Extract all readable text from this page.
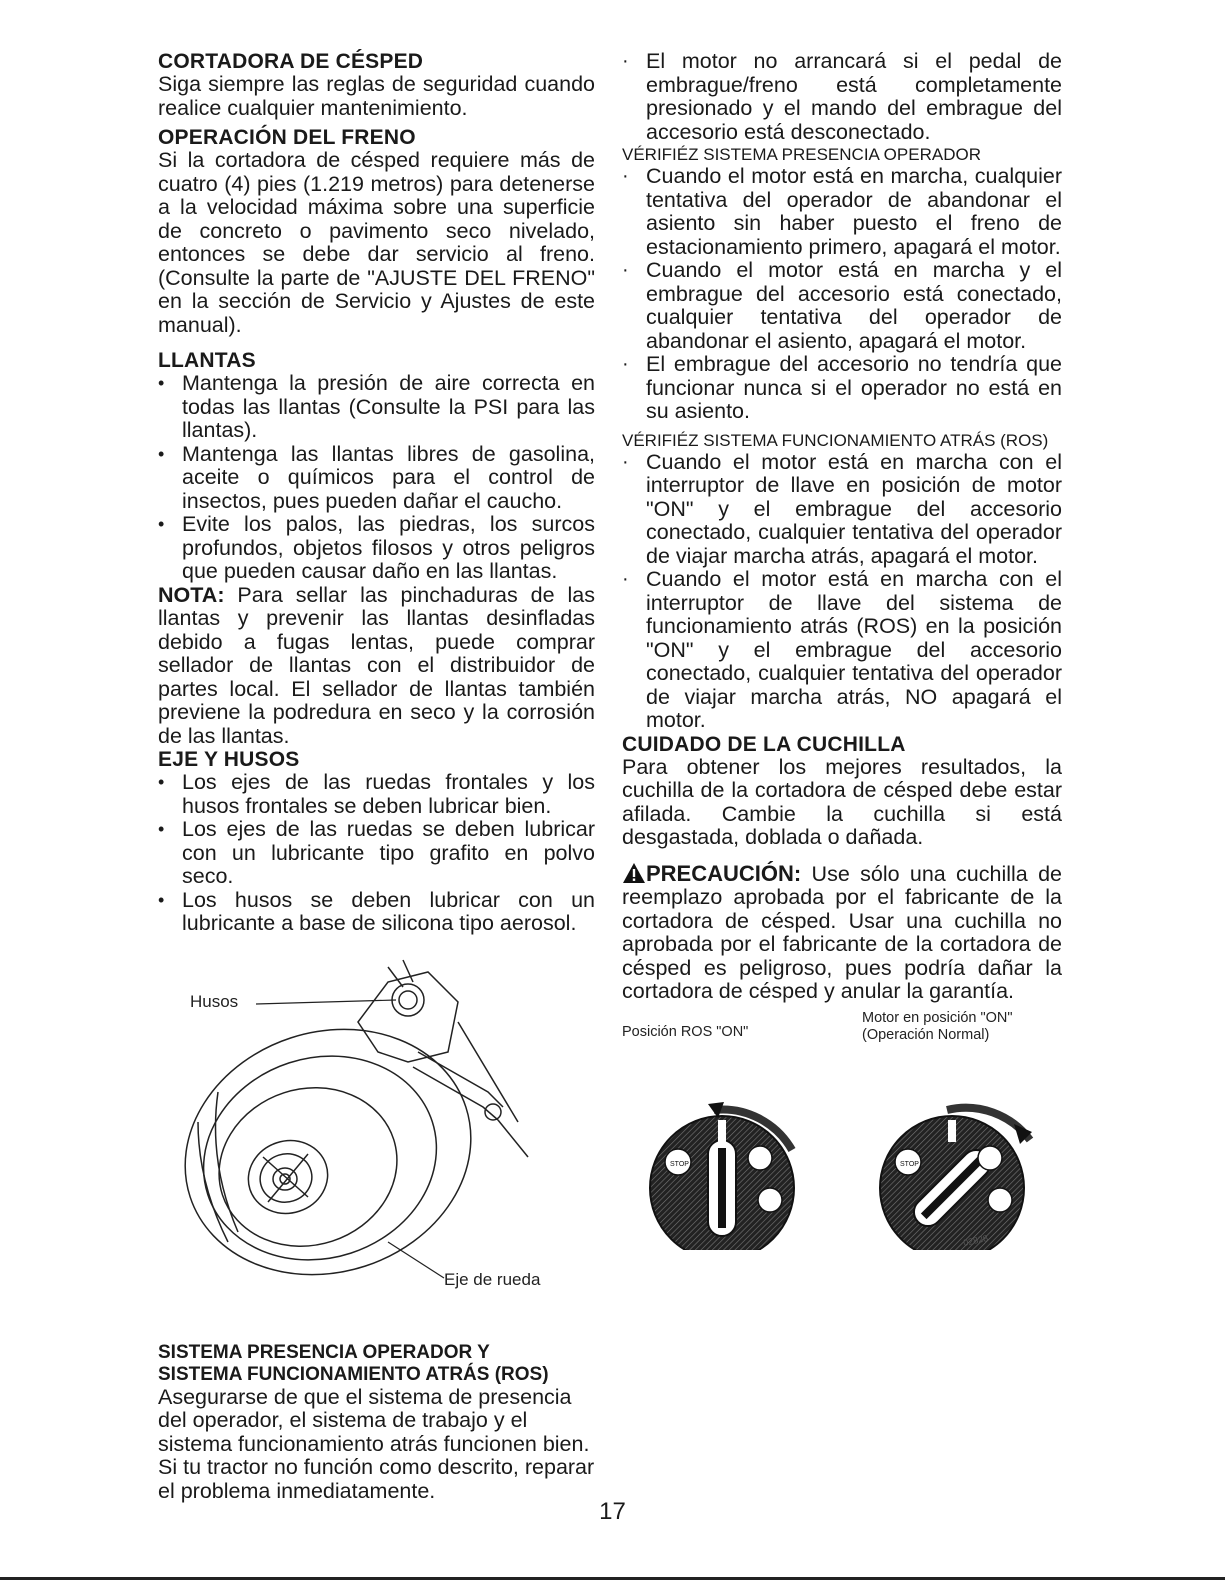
CORTADORA DE CÉSPED

Siga siempre las reglas de seguridad cuando realice cualquier mantenimiento.

OPERACIÓN DEL FRENO

Si la cortadora de césped requiere más de cuatro (4) pies (1.219 metros) para detenerse a la velocidad máxima sobre una superficie de concreto o pavimento seco nivelado, entonces se debe dar servicio al freno. (Consulte la parte de "AJUSTE DEL FRENO" en la sección de Servicio y Ajustes de este manual).

LLANTAS
• Mantenga la presión de aire correcta en todas las llantas (Consulte la PSI para las llantas).
• Mantenga las llantas libres de gasolina, aceite o químicos para el control de insectos, pues pueden dañar el caucho.
• Evite los palos, las piedras, los surcos profundos, objetos filosos y otros peligros que pueden causar daño en las llantas.

NOTA: Para sellar las pinchaduras de las llantas y prevenir las llantas desinfladas debido a fugas lentas, puede comprar sellador de llantas con el distribuidor de partes local. El sellador de llantas también previene la podredura en seco y la corrosión de las llantas.

EJE Y HUSOS
• Los ejes de las ruedas frontales y los husos frontales se deben lubricar bien.
• Los ejes de las ruedas se deben lubricar con un lubricante tipo grafito en polvo seco.
• Los husos se deben lubricar con un lubricante a base de silicona tipo aerosol.
Husos
Eje de rueda

SISTEMA PRESENCIA OPERADOR Y

SISTEMA FUNCIONAMIENTO ATRÁS (ROS)

Asegurarse de que el sistema de presencia del operador, el sistema de trabajo y el sistema funcionamiento atrás funcionen bien. Si tu tractor no función como descrito, reparar el problema inmediatamente.

· El motor no arrancará si el pedal de embrague/freno está completamente presionado y el mando del embrague del accesorio está desconectado.
VÉRIFIÉZ SISTEMA PRESENCIA OPERADOR
· Cuando el motor está en marcha, cualquier tentativa del operador de abandonar el asiento sin haber puesto el freno de estacionamiento primero, apagará el motor.
· Cuando el motor está en marcha y el embrague del accesorio está conectado, cualquier tentativa del operador de abandonar el asiento, apagará el motor.
· El embrague del accesorio no tendría que funcionar nunca si el operador no está en su asiento.
VÉRIFIÉZ SISTEMA FUNCIONAMIENTO ATRÁS (ROS)
· Cuando el motor está en marcha con el interruptor de llave en posición de motor "ON" y el embrague del accesorio conectado, cualquier tentativa del operador de viajar marcha atrás, apagará el motor.
· Cuando el motor está en marcha con el interruptor de llave del sistema de funcionamiento atrás (ROS) en la posición "ON" y el embrague del accesorio conectado, cualquier tentativa del operador de viajar marcha atrás, NO apagará el motor.
CUIDADO DE LA CUCHILLA

Para obtener los mejores resultados, la cuchilla de la cortadora de césped debe estar afilada. Cambie la cuchilla si está desgastada, doblada o dañada.

PRECAUCIÓN: Use sólo una cuchilla de reemplazo aprobada por el fabricante de la cortadora de césped. Usar una cuchilla no aprobada por el fabricante de la cortadora de césped es peligroso, pues podría dañar la cortadora de césped y anular la garantía.

Posición ROS "ON"
Motor en posición "ON"
(Operación Normal)
STOP	STOP
02828
17
